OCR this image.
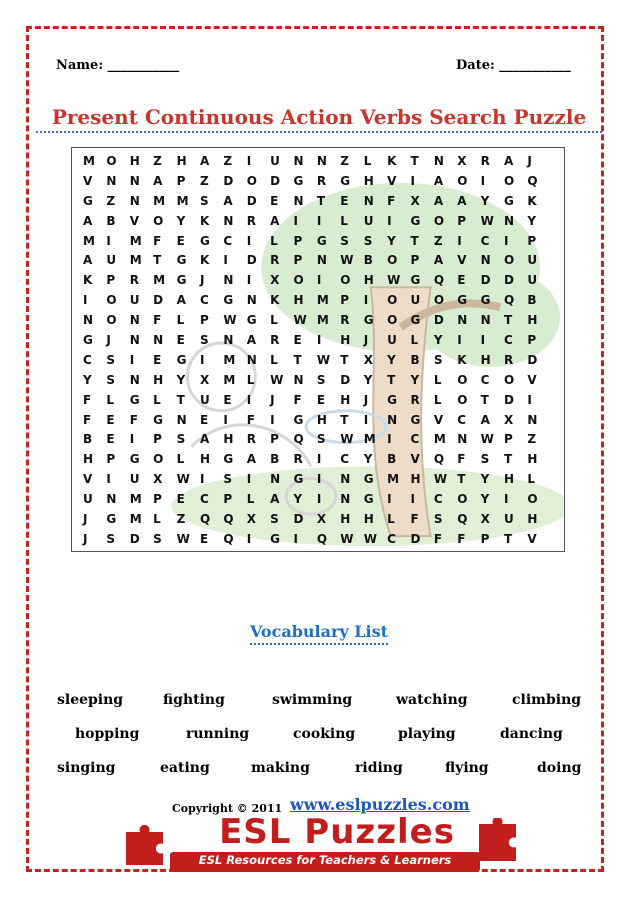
Name: ___________	Date: ___________
Present Continuous Action Verbs Search Puzzle
M O	H	Z	H	A	Z	I	U	N	N	Z	L	K	T	N	X	R	A	J
V	N	N	A	P	Z	D	O	D	G	R	G	H	V	I	A	O	I	O	Q
G	Z	N	M M S	A	D	E	N	T	E	N	F	X	A	A	Y	G	K
A	B	V	O	Y	K	N	R	A	I	I	L	U	I	G	O	P	W N	Y
M I	M F	E	G	C	I	L	P	G	S	S	Y	T	Z	I	C	I	P
A	U	M T	G	K	I	D	R	P	N	W B	O	P	A	V	N	O	U
K	P	R	M G	J	N	I	X	O	I	O	H	W G	Q	E	D	D	U
I	O	U	D	A	C	G	N	K	H	M P	I	O	U	O	G	G	Q	B
N	O	N	F	L	P	W G	L	W M R	G	O	G	D	N	N	T	H
G	J	N	N	E	S	N	A	R	E	I	H	J	U	L	Y	I	I	C	P
C	S	I	E	G	I	M N	L	T	W T	X	Y	B	S	K	H	R	D
Y	S	N	H	Y	X	M L	W N	S	D	Y	T	Y	L	O	C	O	V
F	L	G	L	T	U	E	I	J	F	E	H	J	G	R	L	O	T	D	I
F	E	F	G	N	E	I	F	I	G	H	T	I	N	G	V	C	A	X	N
B	E	I	P	S	A	H	R	P	Q	S	W M I	C	M N	W P	Z
H	P	G	O	L	H	G	A	B	R	I	C	Y	B	V	Q	F	S	T	H
V	I	U	X	W I	S	I	N	G	I	N	G	M H	W T	Y	H	L
U	N	M P	E	C	P	L	A	Y	I	N	G	I	I	C	O	Y	I	O
J	G	M L	Z	Q	Q	X	S	D	X	H	H	L	F	S	Q	X	U	H
J	S	D	S	W E	Q	I	G	I	Q	W W C	D	F	F	P	T	V
Vocabulary List
sleeping	fighting	swimming	watching	climbing
hopping	running	cooking	playing	dancing
singing	eating	making	riding	flying	doing
Copyright © 2011 www.eslpuzzles.com
ESL Puzzles
ESL Resources for Teachers & Learners
